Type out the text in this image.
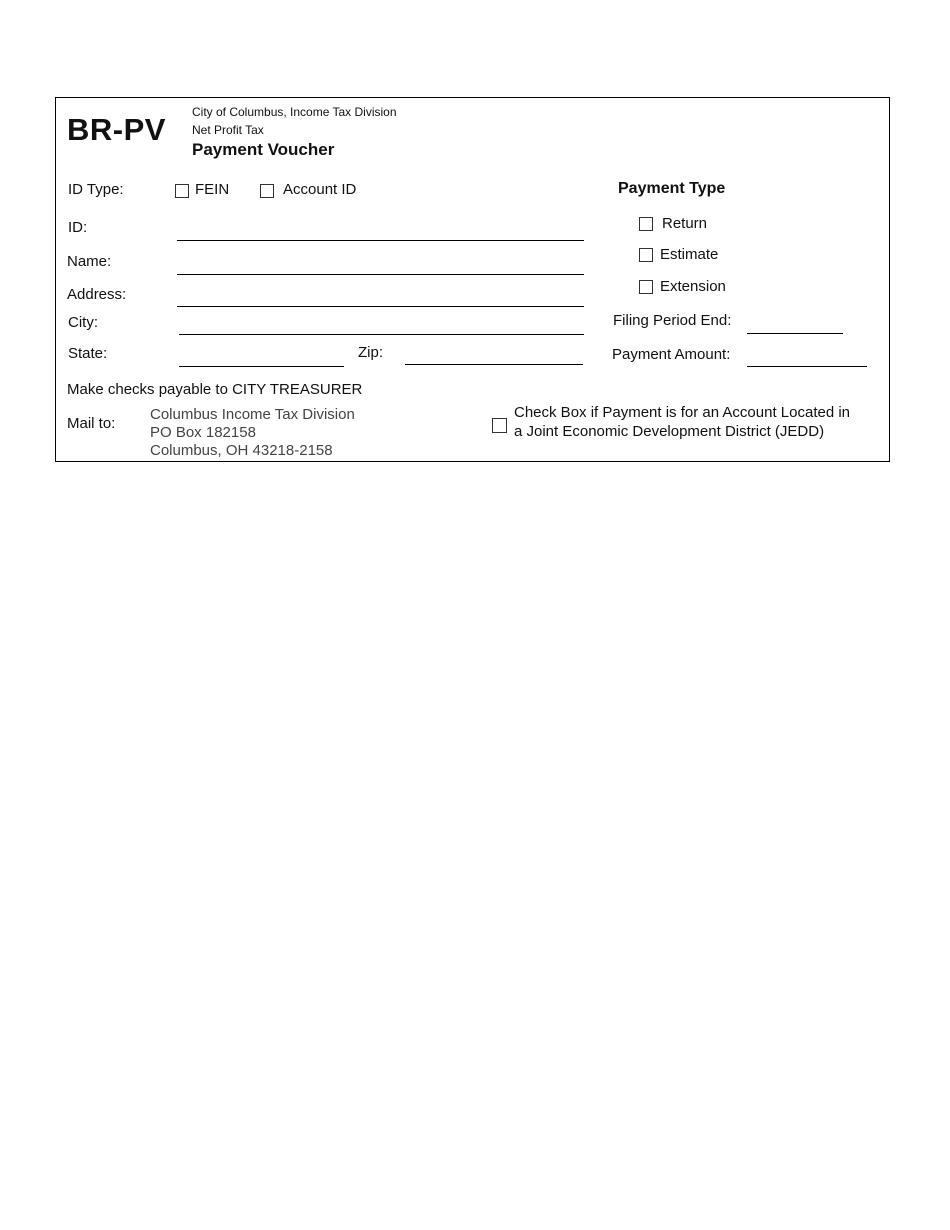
BR-PV City of Columbus, Income Tax Division
Net Profit Tax
Payment Voucher
ID Type:	FEIN	Account ID
ID:
Name:
Address:
City:
State:	Zip:
Payment Type
Return
Estimate
Extension
Filing Period End:
Payment Amount:
Make checks payable to CITY TREASURER
Mail to:
Columbus Income Tax Division
PO Box 182158
Columbus, OH 43218-2158
Check Box if Payment is for an Account Located in
a Joint Economic Development District (JEDD)
